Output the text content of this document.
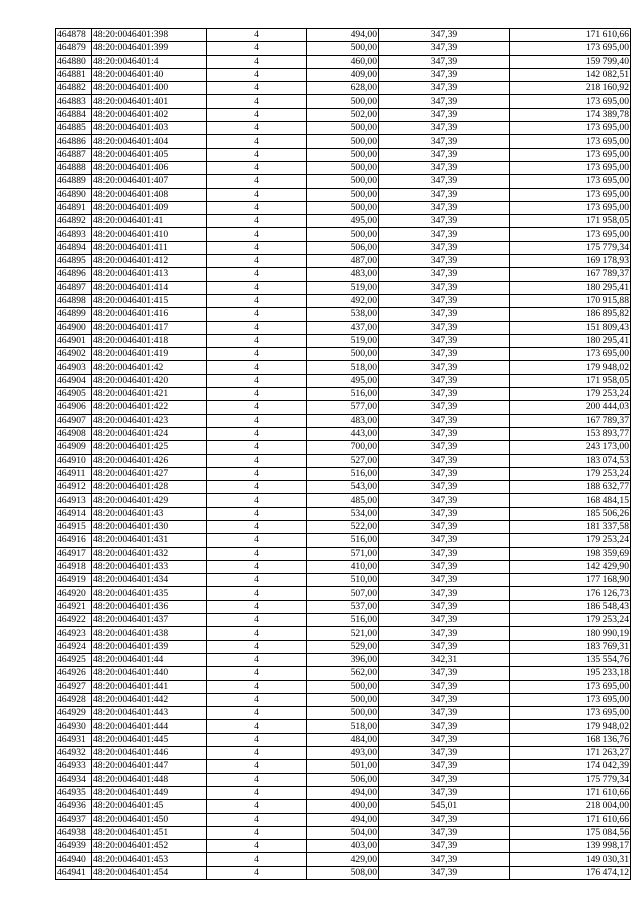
464878	48:20:0046401:398	4	494,00	347,39	171 610,66
464879	48:20:0046401:399	4	500,00	347,39	173 695,00
464880	48:20:0046401:4	4	460,00	347,39	159 799,40
464881	48:20:0046401:40	4	409,00	347,39	142 082,51
464882	48:20:0046401:400	4	628,00	347,39	218 160,92
464883	48:20:0046401:401	4	500,00	347,39	173 695,00
464884	48:20:0046401:402	4	502,00	347,39	174 389,78
464885	48:20:0046401:403	4	500,00	347,39	173 695,00
464886	48:20:0046401:404	4	500,00	347,39	173 695,00
464887	48:20:0046401:405	4	500,00	347,39	173 695,00
464888	48:20:0046401:406	4	500,00	347,39	173 695,00
464889	48:20:0046401:407	4	500,00	347,39	173 695,00
464890	48:20:0046401:408	4	500,00	347,39	173 695,00
464891	48:20:0046401:409	4	500,00	347,39	173 695,00
464892	48:20:0046401:41	4	495,00	347,39	171 958,05
464893	48:20:0046401:410	4	500,00	347,39	173 695,00
464894	48:20:0046401:411	4	506,00	347,39	175 779,34
464895	48:20:0046401:412	4	487,00	347,39	169 178,93
464896	48:20:0046401:413	4	483,00	347,39	167 789,37
464897	48:20:0046401:414	4	519,00	347,39	180 295,41
464898	48:20:0046401:415	4	492,00	347,39	170 915,88
464899	48:20:0046401:416	4	538,00	347,39	186 895,82
464900	48:20:0046401:417	4	437,00	347,39	151 809,43
464901	48:20:0046401:418	4	519,00	347,39	180 295,41
464902	48:20:0046401:419	4	500,00	347,39	173 695,00
464903	48:20:0046401:42	4	518,00	347,39	179 948,02
464904	48:20:0046401:420	4	495,00	347,39	171 958,05
464905	48:20:0046401:421	4	516,00	347,39	179 253,24
464906	48:20:0046401:422	4	577,00	347,39	200 444,03
464907	48:20:0046401:423	4	483,00	347,39	167 789,37
464908	48:20:0046401:424	4	443,00	347,39	153 893,77
464909	48:20:0046401:425	4	700,00	347,39	243 173,00
464910	48:20:0046401:426	4	527,00	347,39	183 074,53
464911	48:20:0046401:427	4	516,00	347,39	179 253,24
464912	48:20:0046401:428	4	543,00	347,39	188 632,77
464913	48:20:0046401:429	4	485,00	347,39	168 484,15
464914	48:20:0046401:43	4	534,00	347,39	185 506,26
464915	48:20:0046401:430	4	522,00	347,39	181 337,58
464916	48:20:0046401:431	4	516,00	347,39	179 253,24
464917	48:20:0046401:432	4	571,00	347,39	198 359,69
464918	48:20:0046401:433	4	410,00	347,39	142 429,90
464919	48:20:0046401:434	4	510,00	347,39	177 168,90
464920	48:20:0046401:435	4	507,00	347,39	176 126,73
464921	48:20:0046401:436	4	537,00	347,39	186 548,43
464922	48:20:0046401:437	4	516,00	347,39	179 253,24
464923	48:20:0046401:438	4	521,00	347,39	180 990,19
464924	48:20:0046401:439	4	529,00	347,39	183 769,31
464925	48:20:0046401:44	4	396,00	342,31	135 554,76
464926	48:20:0046401:440	4	562,00	347,39	195 233,18
464927	48:20:0046401:441	4	500,00	347,39	173 695,00
464928	48:20:0046401:442	4	500,00	347,39	173 695,00
464929	48:20:0046401:443	4	500,00	347,39	173 695,00
464930	48:20:0046401:444	4	518,00	347,39	179 948,02
464931	48:20:0046401:445	4	484,00	347,39	168 136,76
464932	48:20:0046401:446	4	493,00	347,39	171 263,27
464933	48:20:0046401:447	4	501,00	347,39	174 042,39
464934	48:20:0046401:448	4	506,00	347,39	175 779,34
464935	48:20:0046401:449	4	494,00	347,39	171 610,66
464936	48:20:0046401:45	4	400,00	545,01	218 004,00
464937	48:20:0046401:450	4	494,00	347,39	171 610,66
464938	48:20:0046401:451	4	504,00	347,39	175 084,56
464939	48:20:0046401:452	4	403,00	347,39	139 998,17
464940	48:20:0046401:453	4	429,00	347,39	149 030,31
464941	48:20:0046401:454	4	508,00	347,39	176 474,12
